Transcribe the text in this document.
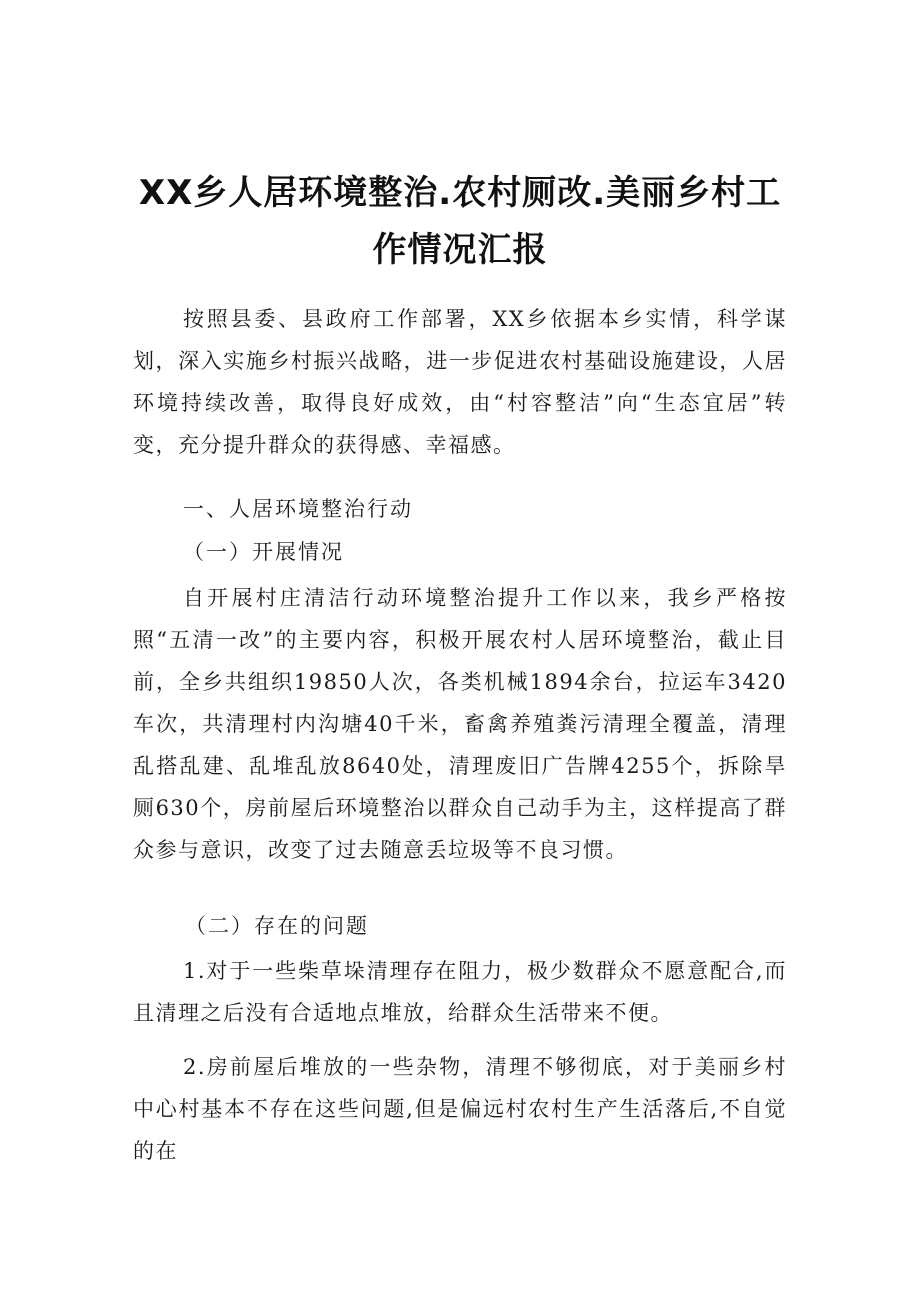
XX乡人居环境整治.农村厕改.美丽乡村工
作情况汇报

按照县委、县政府工作部署，XX乡依据本乡实情，科学谋划，深入实施乡村振兴战略，进一步促进农村基础设施建设，人居环境持续改善，取得良好成效，由“村容整洁”向“生态宜居”转变，充分提升群众的获得感、幸福感。

一、人居环境整治行动

（一）开展情况

自开展村庄清洁行动环境整治提升工作以来，我乡严格按照“五清一改”的主要内容，积极开展农村人居环境整治，截止目前，全乡共组织19850人次，各类机械1894余台，拉运车3420车次，共清理村内沟塘40千米，畜禽养殖粪污清理全覆盖，清理乱搭乱建、乱堆乱放8640处，清理废旧广告牌4255个，拆除旱厕630个，房前屋后环境整治以群众自己动手为主，这样提高了群众参与意识，改变了过去随意丢垃圾等不良习惯。

（二）存在的问题

1.对于一些柴草垛清理存在阻力，极少数群众不愿意配合,而且清理之后没有合适地点堆放，给群众生活带来不便。

2.房前屋后堆放的一些杂物，清理不够彻底，对于美丽乡村中心村基本不存在这些问题,但是偏远村农村生产生活落后,不自觉的在
